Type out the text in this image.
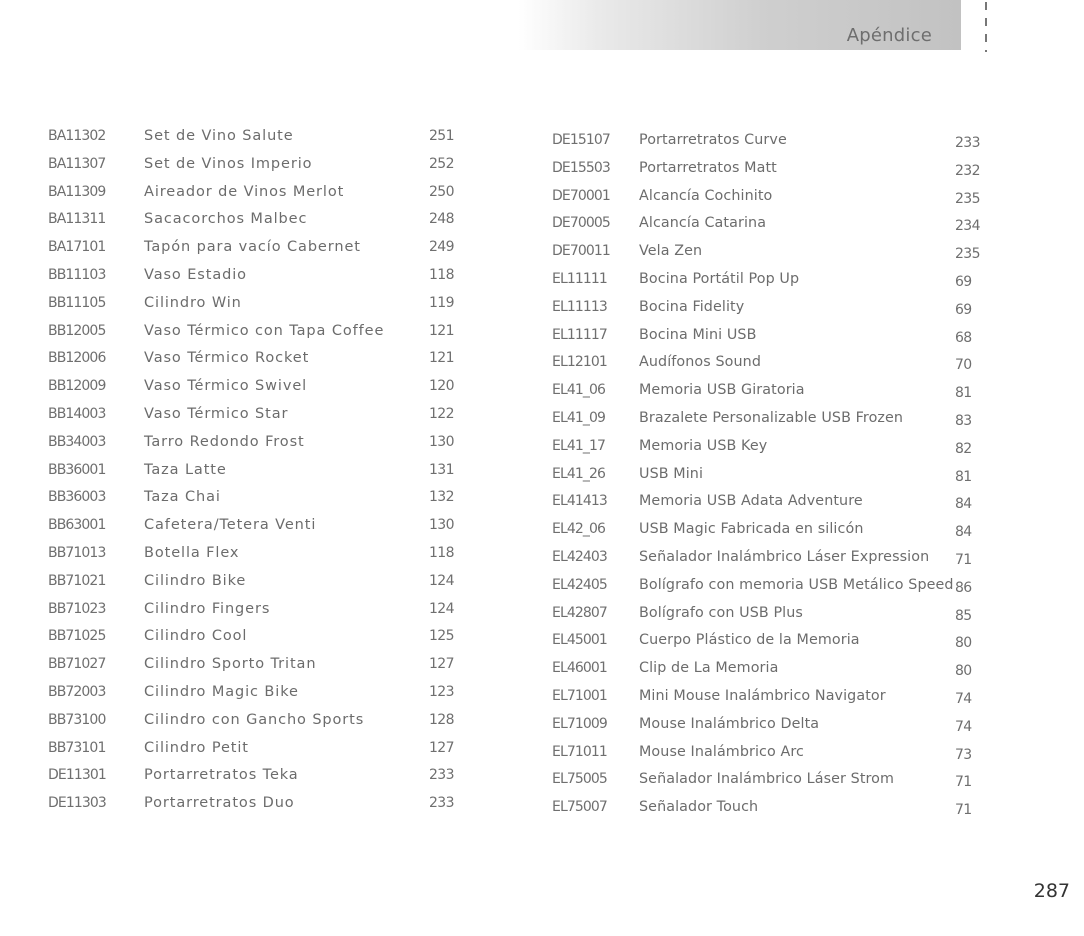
Apéndice
BA11302	Set de Vino Salute	251
BA11307	Set de Vinos Imperio	252
BA11309	Aireador de Vinos Merlot	250
BA11311	Sacacorchos Malbec	248
BA17101	Tapón para vacío Cabernet	249
BB11103	Vaso Estadio	118
BB11105	Cilindro Win	119
BB12005	Vaso Térmico con Tapa Coffee	121
BB12006	Vaso Térmico Rocket	121
BB12009	Vaso Térmico Swivel	120
BB14003	Vaso Térmico Star	122
BB34003	Tarro Redondo Frost	130
BB36001	Taza Latte	131
BB36003	Taza Chai	132
BB63001	Cafetera/Tetera Venti	130
BB71013	Botella Flex	118
BB71021	Cilindro Bike	124
BB71023	Cilindro Fingers	124
BB71025	Cilindro Cool	125
BB71027	Cilindro Sporto Tritan	127
BB72003	Cilindro Magic Bike	123
BB73100	Cilindro con Gancho Sports	128
BB73101	Cilindro Petit	127
DE11301	Portarretratos Teka	233
DE11303	Portarretratos Duo	233
DE15107 Portarretratos Curve	233
DE15503 Portarretratos Matt	232
DE70001 Alcancía Cochinito	235
DE70005 Alcancía Catarina	234
DE70011 Vela Zen	235
EL11111 Bocina Portátil Pop Up	69
EL11113 Bocina Fidelity	69
EL11117 Bocina Mini USB	68
EL12101 Audífonos Sound	70
EL41_06 Memoria USB Giratoria	81
EL41_09 Brazalete Personalizable USB Frozen	83
EL41_17 Memoria USB Key	82
EL41_26 USB Mini	81
EL41413 Memoria USB Adata Adventure	84
EL42_06 USB Magic Fabricada en silicón	84
EL42403 Señalador Inalámbrico Láser Expression 71
EL42405 Bolígrafo con memoria USB Metálico Speed 86
EL42807 Bolígrafo con USB Plus	85
EL45001 Cuerpo Plástico de la Memoria	80
EL46001 Clip de La Memoria	80
EL71001 Mini Mouse Inalámbrico Navigator	74
EL71009 Mouse Inalámbrico Delta	74
EL71011 Mouse Inalámbrico Arc	73
EL75005 Señalador Inalámbrico Láser Strom	71
EL75007 Señalador Touch	71
287
